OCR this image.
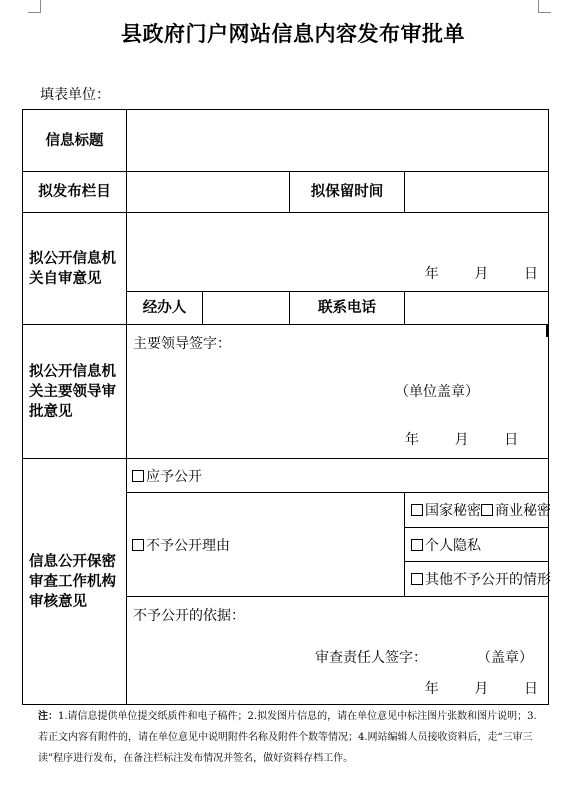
县政府门户网站信息内容发布审批单
填表单位：
信息标题				
拟发布栏目			拟保留时间	
拟公开信息机关自审意见	年 月 日			

	经办人		联系电话	
拟公开信息机关主要领导审批意见	主要领导签字：
（单位盖章）
年 月 日			

信息公开保密审查工作机构审核意见	应予公开			
	不予公开理由			国家秘密 商业秘密
				个人隐私
				其他不予公开的情形

	不予公开的依据：
审查责任人签字： （盖章）
年 月 日			
注：1.请信息提供单位提交纸质件和电子稿件；2.拟发图片信息的，请在单位意见中标注图片张数和图片说明；3.若正文内容有附件的，请在单位意见中说明附件名称及附件个数等情况；4.网站编辑人员接收资料后，走“三审三读”程序进行发布，在备注栏标注发布情况并签名，做好资料存档工作。
